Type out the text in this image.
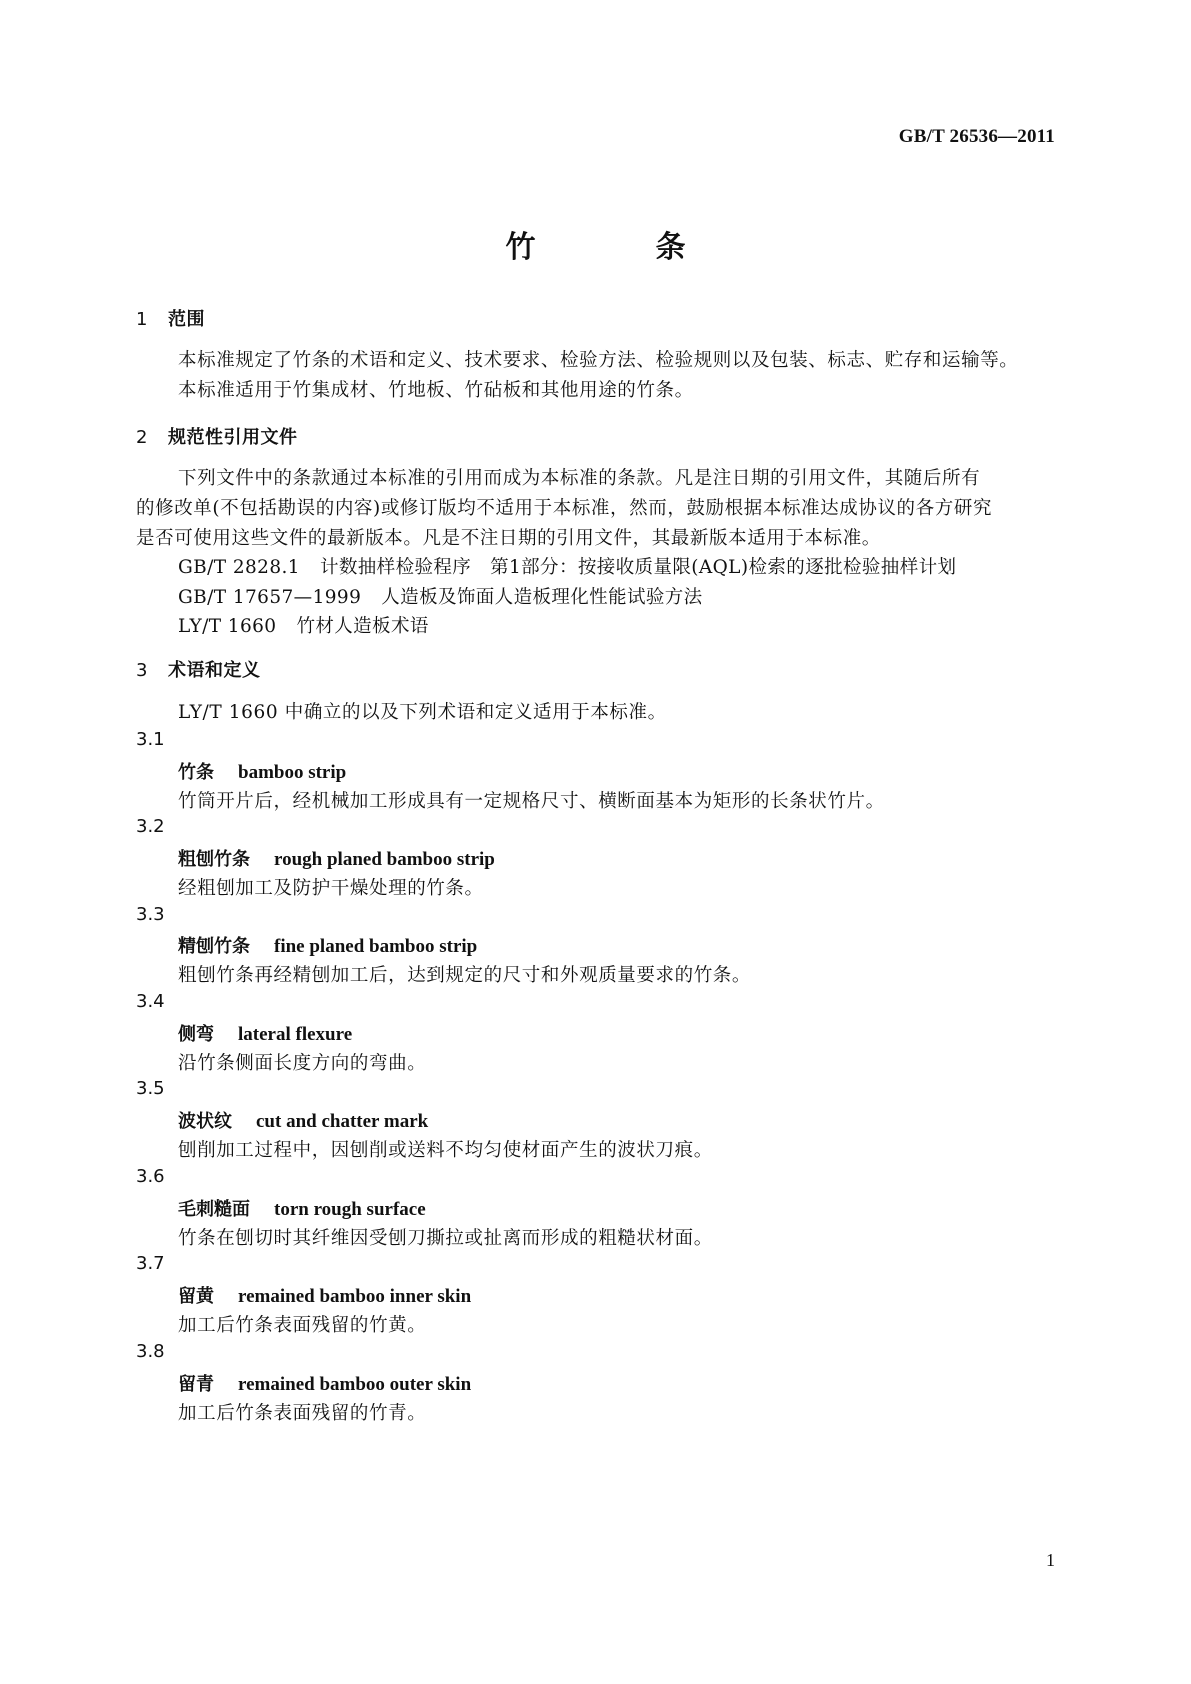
GB/T 26536—2011
竹	条
1 范围
本标准规定了竹条的术语和定义、技术要求、检验方法、检验规则以及包装、标志、贮存和运输等。
本标准适用于竹集成材、竹地板、竹砧板和其他用途的竹条。
2 规范性引用文件
下列文件中的条款通过本标准的引用而成为本标准的条款。凡是注日期的引用文件，其随后所有
的修改单(不包括勘误的内容)或修订版均不适用于本标准，然而，鼓励根据本标准达成协议的各方研究
是否可使用这些文件的最新版本。凡是不注日期的引用文件，其最新版本适用于本标准。
GB/T 2828.1 计数抽样检验程序　第1部分：按接收质量限(AQL)检索的逐批检验抽样计划
GB/T 17657—1999 人造板及饰面人造板理化性能试验方法
LY/T 1660 竹材人造板术语
3 术语和定义
LY/T 1660 中确立的以及下列术语和定义适用于本标准。
3.1
竹条 bamboo strip
竹筒开片后，经机械加工形成具有一定规格尺寸、横断面基本为矩形的长条状竹片。
3.2
粗刨竹条 rough planed bamboo strip
经粗刨加工及防护干燥处理的竹条。
3.3
精刨竹条 fine planed bamboo strip
粗刨竹条再经精刨加工后，达到规定的尺寸和外观质量要求的竹条。
3.4
侧弯 lateral flexure
沿竹条侧面长度方向的弯曲。
3.5
波状纹 cut and chatter mark
刨削加工过程中，因刨削或送料不均匀使材面产生的波状刀痕。
3.6
毛刺糙面 torn rough surface
竹条在刨切时其纤维因受刨刀撕拉或扯离而形成的粗糙状材面。
3.7
留黄 remained bamboo inner skin
加工后竹条表面残留的竹黄。
3.8
留青 remained bamboo outer skin
加工后竹条表面残留的竹青。
1
